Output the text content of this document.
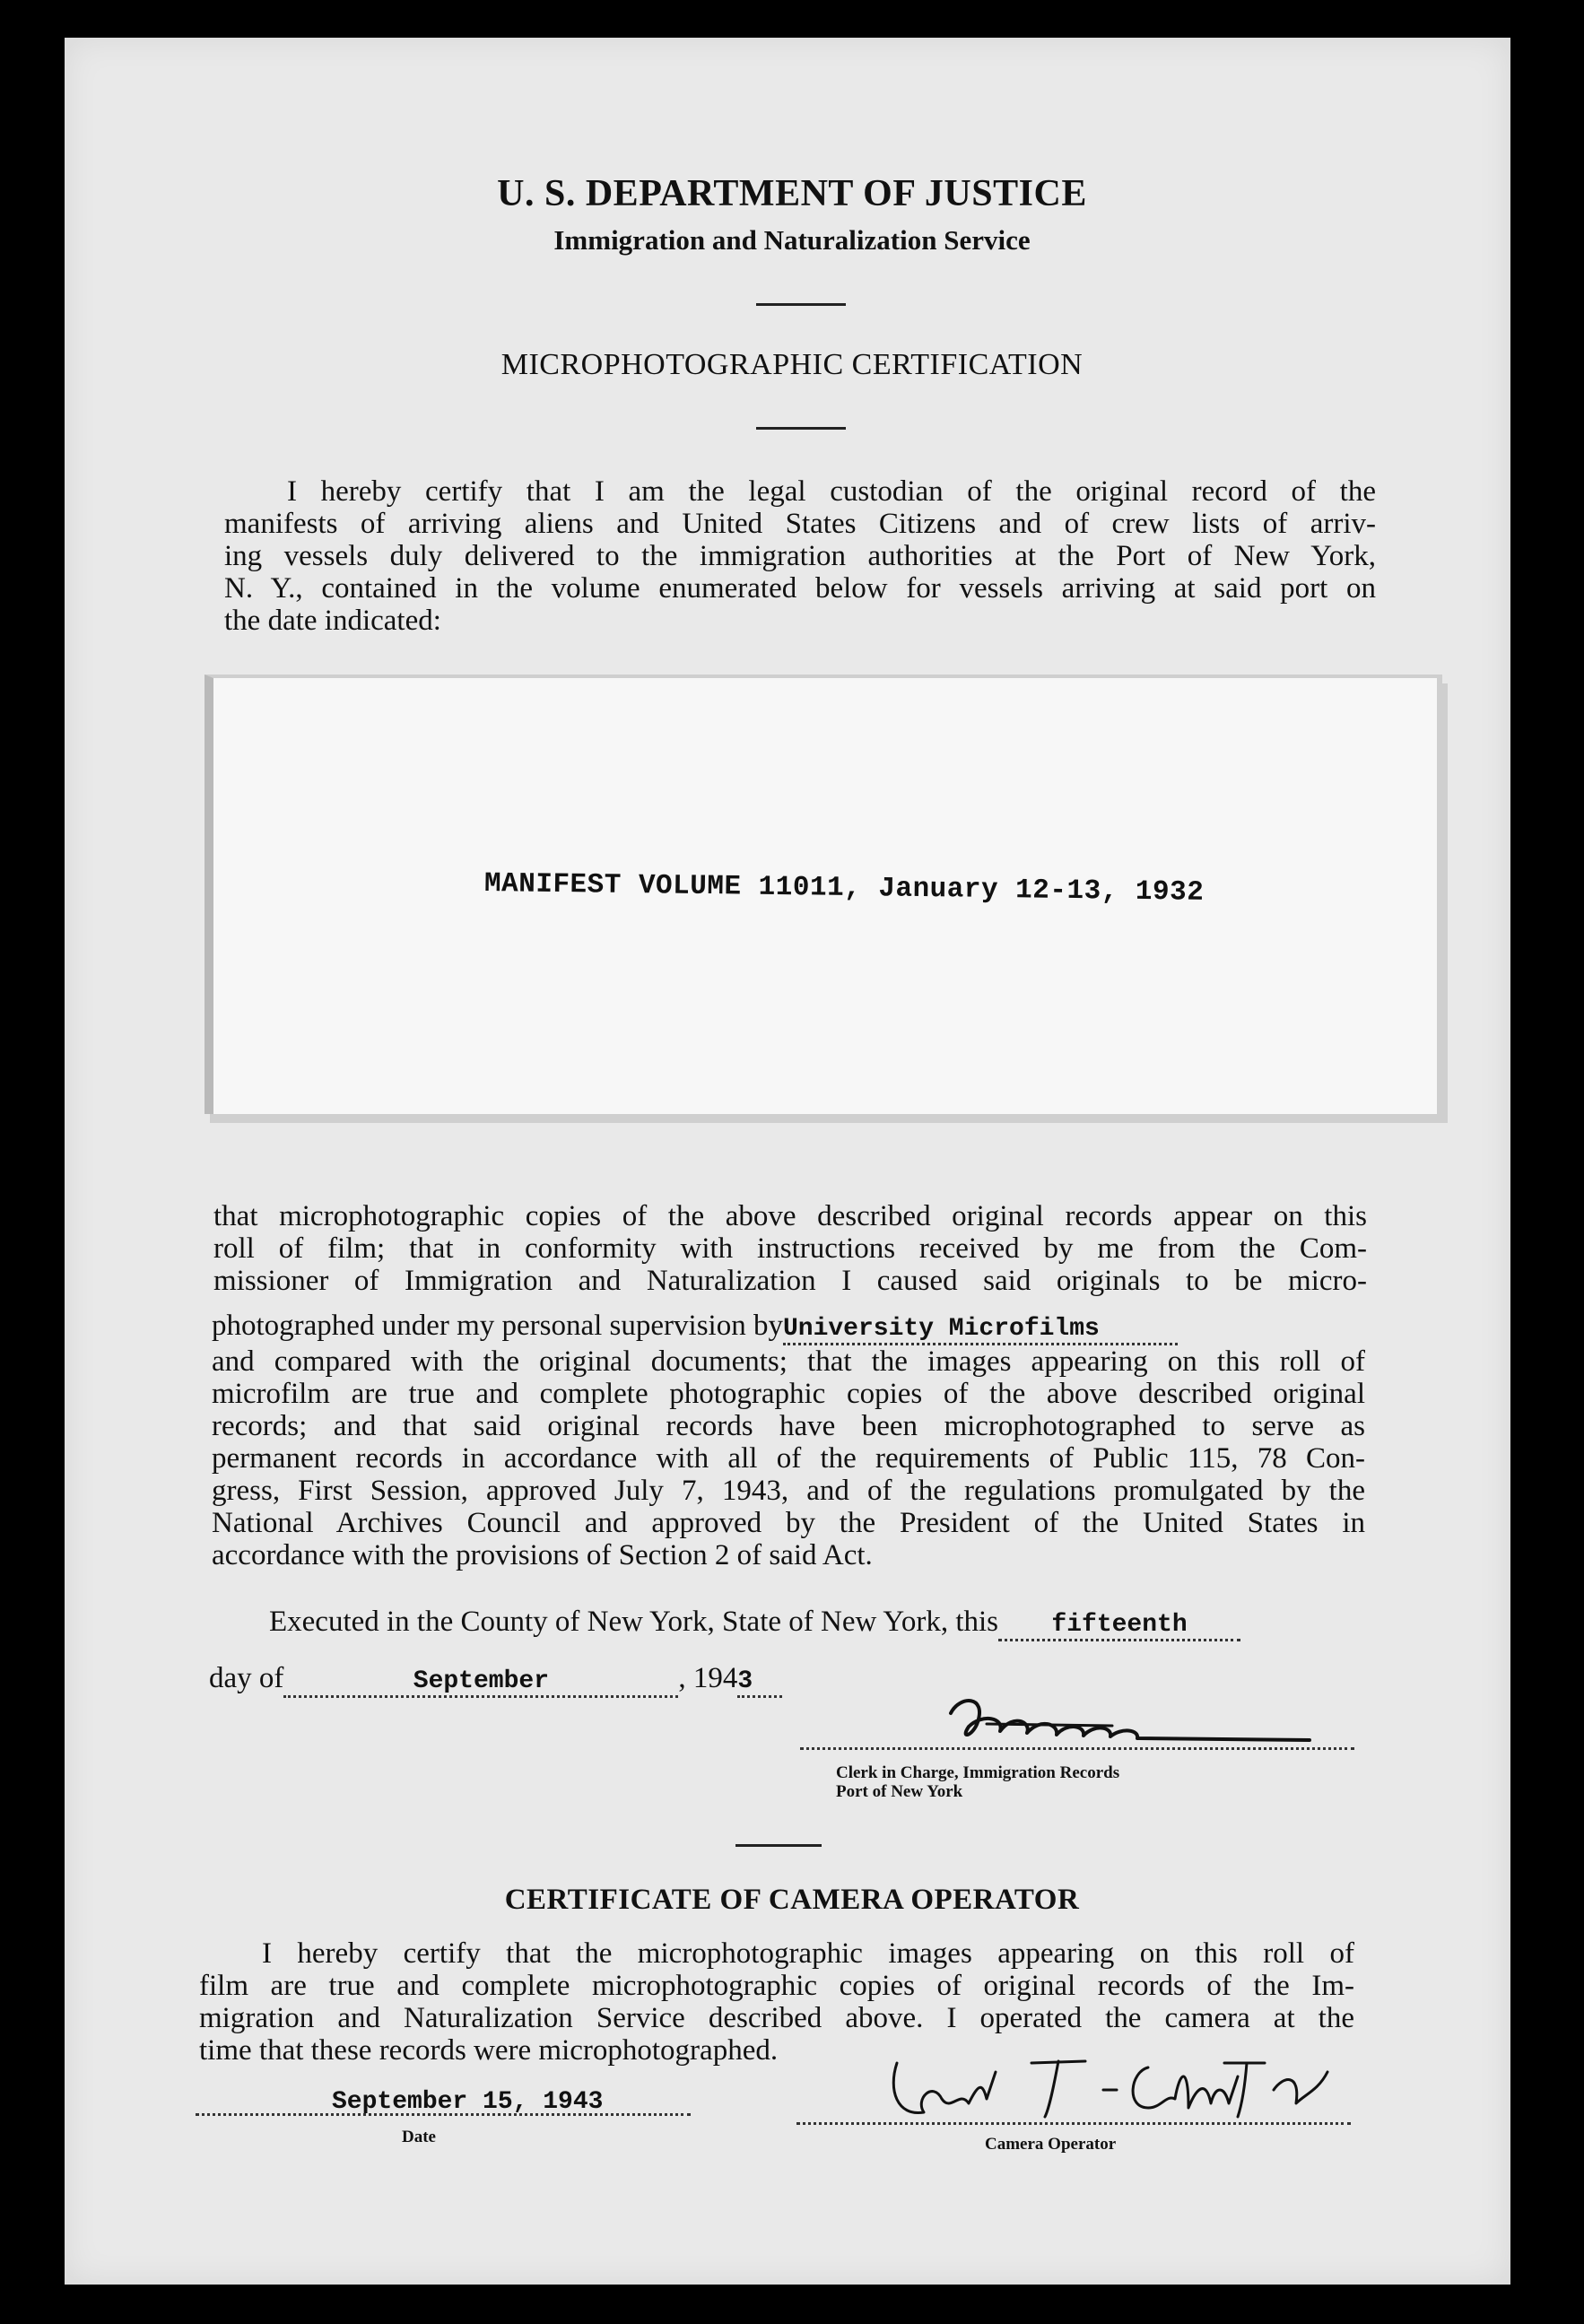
U. S. DEPARTMENT OF JUSTICE
Immigration and Naturalization Service
MICROPHOTOGRAPHIC CERTIFICATION
I hereby certify that I am the legal custodian of the original record of the
manifests of arriving aliens and United States Citizens and of crew lists of arriv-
ing vessels duly delivered to the immigration authorities at the Port of New York,
N. Y., contained in the volume enumerated below for vessels arriving at said port on
the date indicated:
MANIFEST VOLUME 11011, January 12-13, 1932
that microphotographic copies of the above described original records appear on this
roll of film; that in conformity with instructions received by me from the Com-
missioner of Immigration and Naturalization I caused said originals to be micro-
photographed under my personal supervision byUniversity Microfilms
and compared with the original documents; that the images appearing on this roll of
microfilm are true and complete photographic copies of the above described original
records; and that said original records have been microphotographed to serve as
permanent records in accordance with all of the requirements of Public 115, 78 Con-
gress, First Session, approved July 7, 1943, and of the regulations promulgated by the
National Archives Council and approved by the President of the United States in
accordance with the provisions of Section 2 of said Act.
Executed in the County of New York, State of New York, this fifteenth
day of	September	, 1943
Clerk in Charge, Immigration Records
Port of New York
CERTIFICATE OF CAMERA OPERATOR
I hereby certify that the microphotographic images appearing on this roll of
film are true and complete microphotographic copies of original records of the Im-
migration and Naturalization Service described above. I operated the camera at the
time that these records were microphotographed.
September 15, 1943
Date	Camera Operator
